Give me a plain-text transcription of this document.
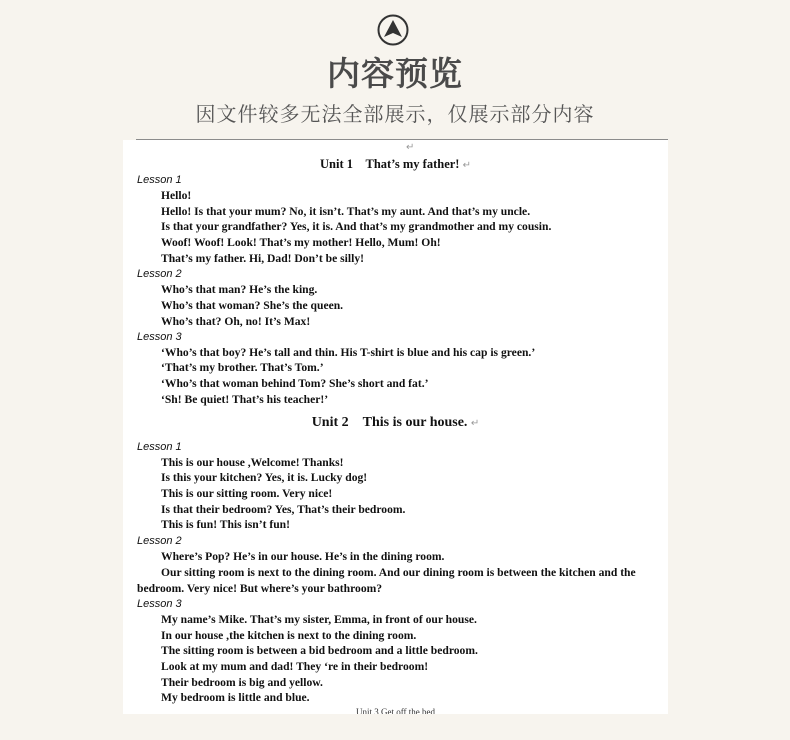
内容预览
因文件较多无法全部展示，仅展示部分内容
↵
Unit 1 That’s my father! ↵
Lesson 1
Hello!
Hello! Is that your mum? No, it isn’t. That’s my aunt. And that’s my uncle.
Is that your grandfather? Yes, it is. And that’s my grandmother and my cousin.
Woof! Woof! Look! That’s my mother! Hello, Mum! Oh!
That’s my father. Hi, Dad! Don’t be silly!
Lesson 2
Who’s that man? He’s the king.
Who’s that woman? She’s the queen.
Who’s that? Oh, no! It’s Max!
Lesson 3
‘Who’s that boy? He’s tall and thin. His T-shirt is blue and his cap is green.’
‘That’s my brother. That’s Tom.’
‘Who’s that woman behind Tom? She’s short and fat.’
‘Sh! Be quiet! That’s his teacher!’
Unit 2 This is our house. ↵
Lesson 1
This is our house ,Welcome! Thanks!
Is this your kitchen? Yes, it is. Lucky dog!
This is our sitting room. Very nice!
Is that their bedroom? Yes, That’s their bedroom.
This is fun! This isn’t fun!
Lesson 2
Where’s Pop? He’s in our house. He’s in the dining room.
Our sitting room is next to the dining room. And our dining room is between the kitchen and the
bedroom. Very nice! But where’s your bathroom?
Lesson 3
My name’s Mike. That’s my sister, Emma, in front of our house.
In our house ,the kitchen is next to the dining room.
The sitting room is between a bid bedroom and a little bedroom.
Look at my mum and dad! They ‘re in their bedroom!
Their bedroom is big and yellow.
My bedroom is little and blue.
Unit 3 Get off the bed
